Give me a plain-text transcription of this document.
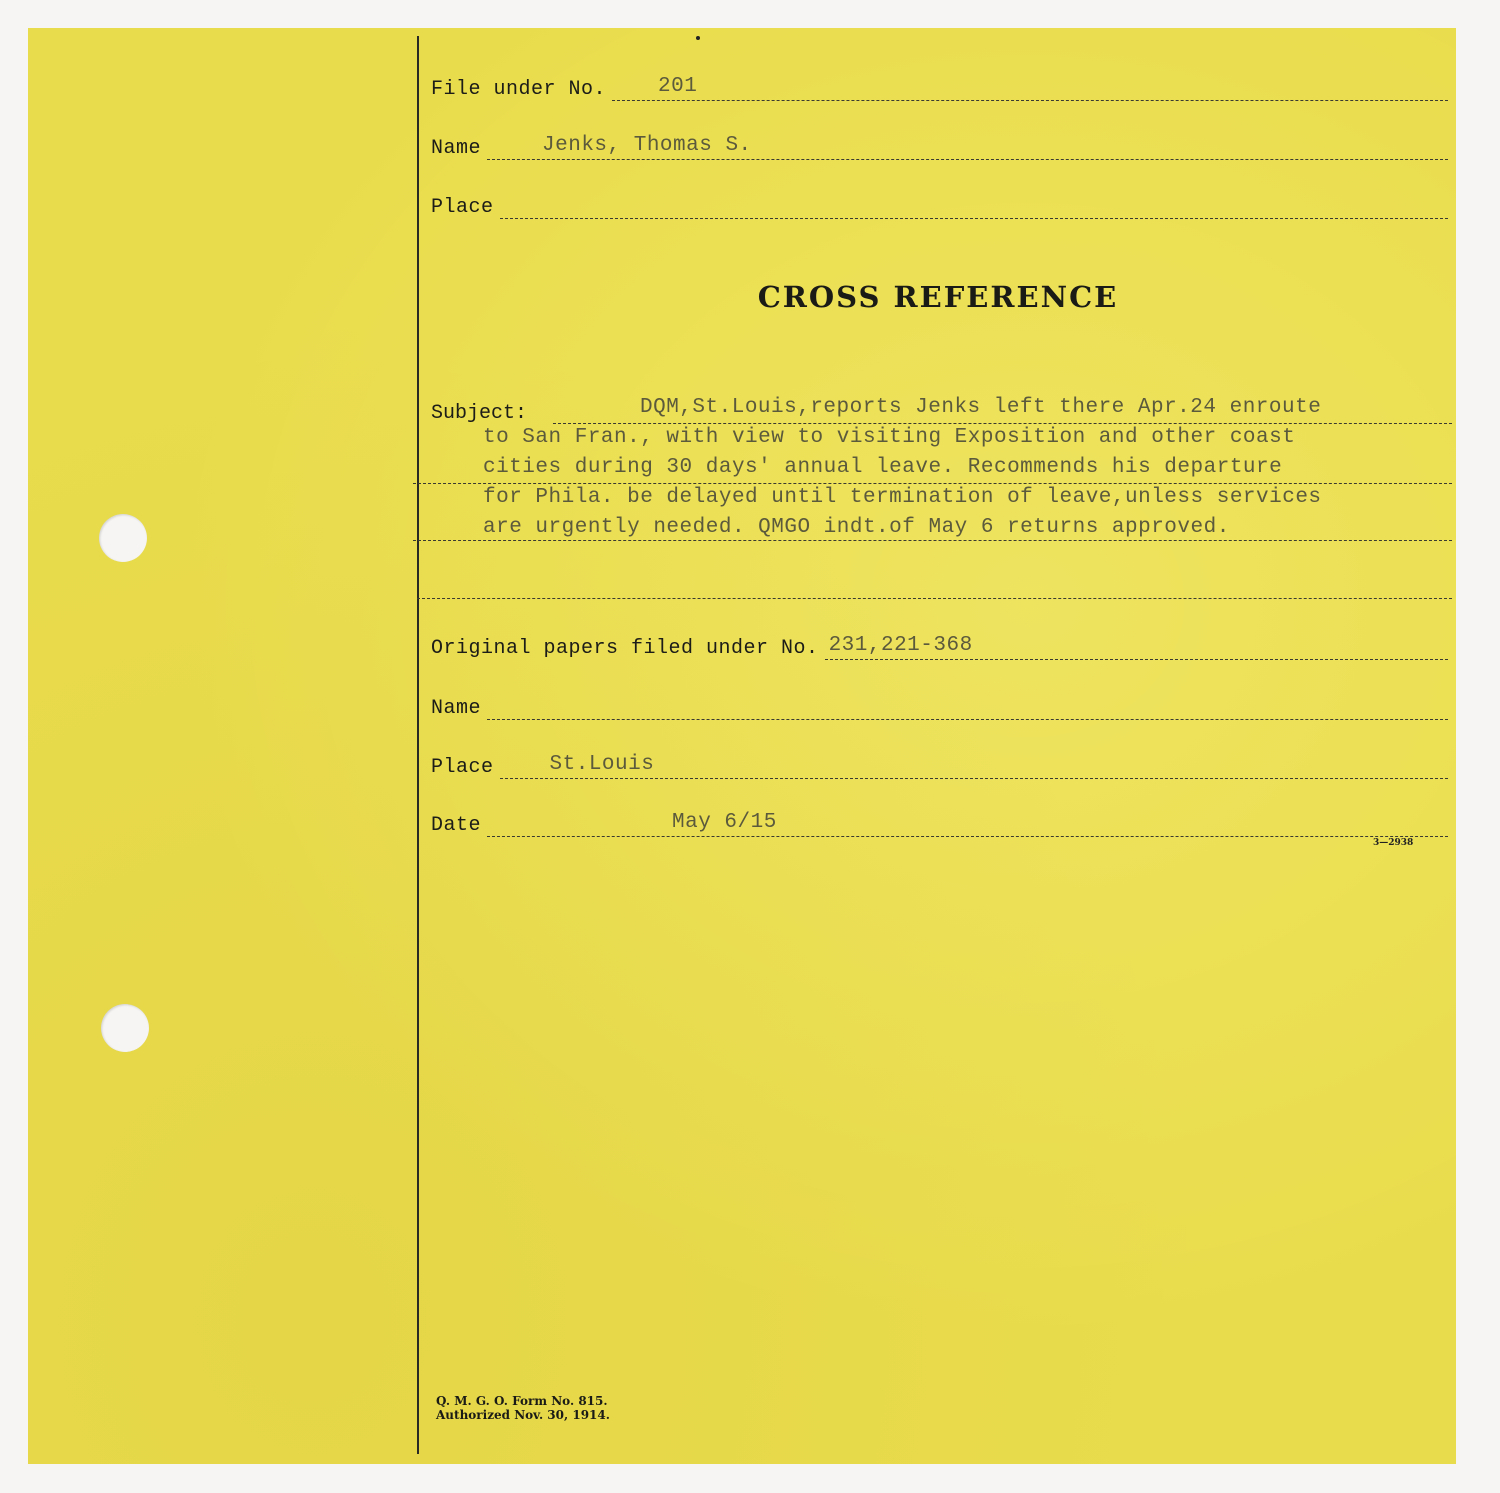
File under No. 201
Name	Jenks, Thomas S.
Place
CROSS REFERENCE
Subject:	DQM,St.Louis,reports Jenks left there Apr.24 enroute
to San Fran., with view to visiting Exposition and other coast
cities during 30 days' annual leave. Recommends his departure
for Phila. be delayed until termination of leave,unless services
are urgently needed. QMGO indt.of May 6 returns approved.
Original papers filed under No. 231,221-368
Name
Place	St.Louis
Date	May 6/15
3—2938
Q. M. G. O. Form No. 815.
Authorized Nov. 30, 1914.
